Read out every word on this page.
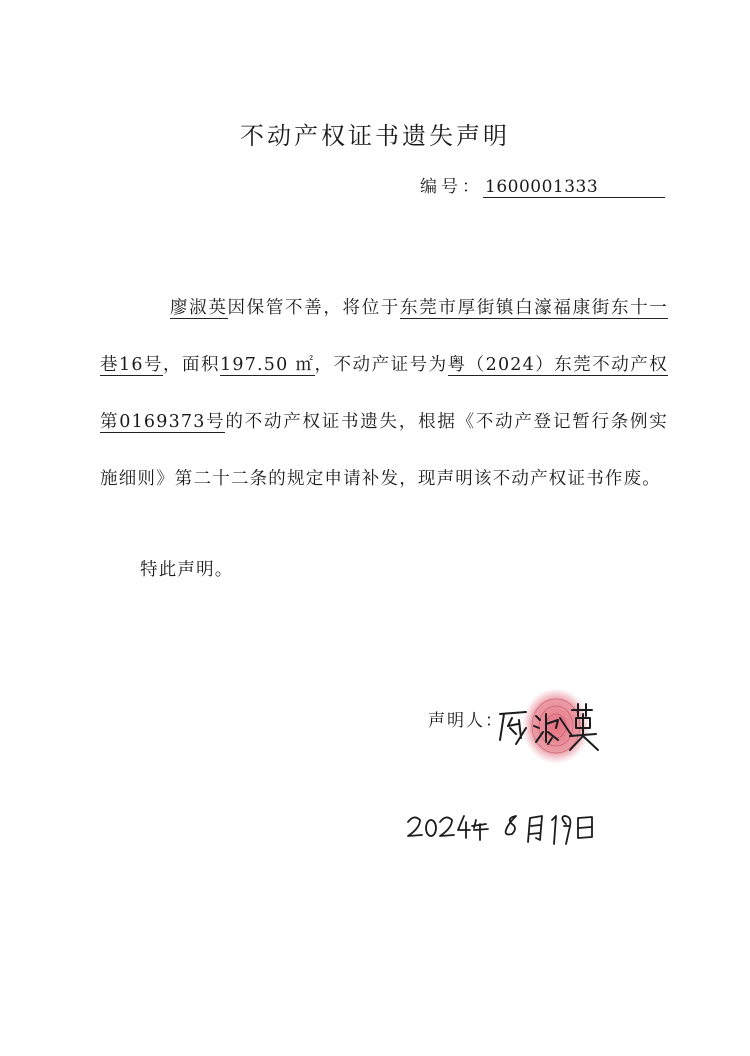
不动产权证书遗失声明
编号： 1600001333
廖淑英因保管不善，将位于东莞市厚街镇白濠福康街东十一巷16号，面积197.50 ㎡，不动产证号为粤（2024）东莞不动产权第0169373号的不动产权证书遗失，根据《不动产登记暂行条例实施细则》第二十二条的规定申请补发，现声明该不动产权证书作废。
特此声明。
声明人：
